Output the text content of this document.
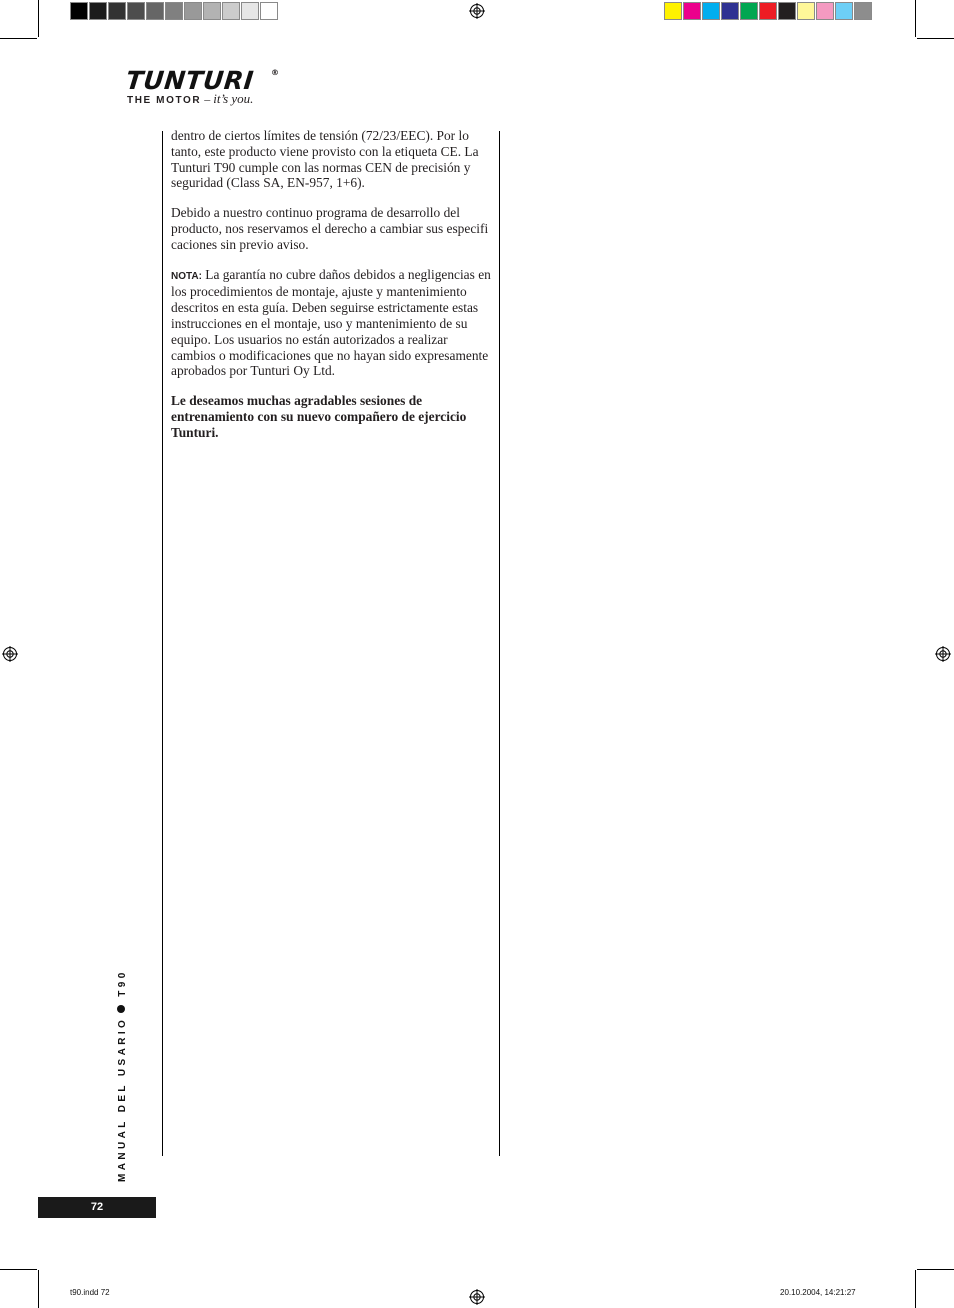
TUNTURI ®
THE MOTOR – it’s you.

dentro de ciertos límites de tensión (72/23/EEC). Por lo tanto, este producto viene provisto con la etiqueta CE. La Tunturi T90 cumple con las normas CEN de precisión y seguridad (Class SA, EN-957, 1+6).

Debido a nuestro continuo programa de desarrollo del producto, nos reservamos el derecho a cambiar sus especifi caciones sin previo aviso.

NOTA: La garantía no cubre daños debidos a negligencias en los procedimientos de montaje, ajuste y mantenimiento descritos en esta guía. Deben seguirse estrictamente estas instrucciones en el montaje, uso y mantenimiento de su equipo. Los usuarios no están autorizados a realizar cambios o modificaciones que no hayan sido expresamente aprobados por Tunturi Oy Ltd.

Le deseamos muchas agradables sesiones de entrenamiento con su nuevo compañero de ejercicio Tunturi.

MANUAL DEL USARIOT90
72
t90.indd 72	20.10.2004, 14:21:27
